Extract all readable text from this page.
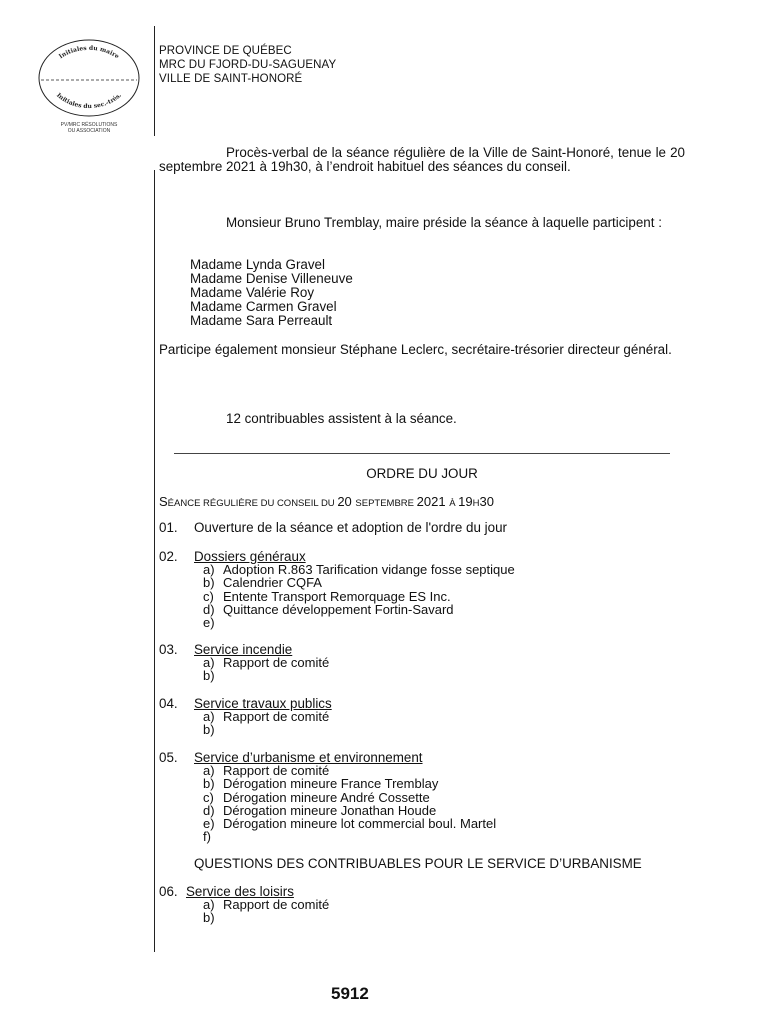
Initiales du maire
Initiales du sec.-trés.
PV/MRC RÉSOLUTIONS
OU ASSOCIATION
PROVINCE DE QUÉBEC
MRC DU FJORD-DU-SAGUENAY
VILLE DE SAINT-HONORÉ
Procès-verbal de la séance régulière de la Ville de Saint-Honoré, tenue le 20 septembre 2021 à 19h30, à l’endroit habituel des séances du conseil.
Monsieur Bruno Tremblay, maire préside la séance à laquelle participent :
Madame Lynda Gravel
Madame Denise Villeneuve
Madame Valérie Roy
Madame Carmen Gravel
Madame Sara Perreault
Participe également monsieur Stéphane Leclerc, secrétaire-trésorier directeur général.
12 contribuables assistent à la séance.
ORDRE DU JOUR
SÉANCE RÉGULIÈRE DU CONSEIL DU 20 SEPTEMBRE 2021 À 19H30
01. Ouverture de la séance et adoption de l'ordre du jour
02. Dossiers généraux
a) Adoption R.863 Tarification vidange fosse septique
b) Calendrier CQFA
c) Entente Transport Remorquage ES Inc.
d) Quittance développement Fortin-Savard
e)
03. Service incendie
a) Rapport de comité
b)
04. Service travaux publics
a) Rapport de comité
b)
05. Service d’urbanisme et environnement
a) Rapport de comité
b) Dérogation mineure France Tremblay
c) Dérogation mineure André Cossette
d) Dérogation mineure Jonathan Houde
e) Dérogation mineure lot commercial boul. Martel
f)
QUESTIONS DES CONTRIBUABLES POUR LE SERVICE D’URBANISME
06. Service des loisirs
a) Rapport de comité
b)
5912
